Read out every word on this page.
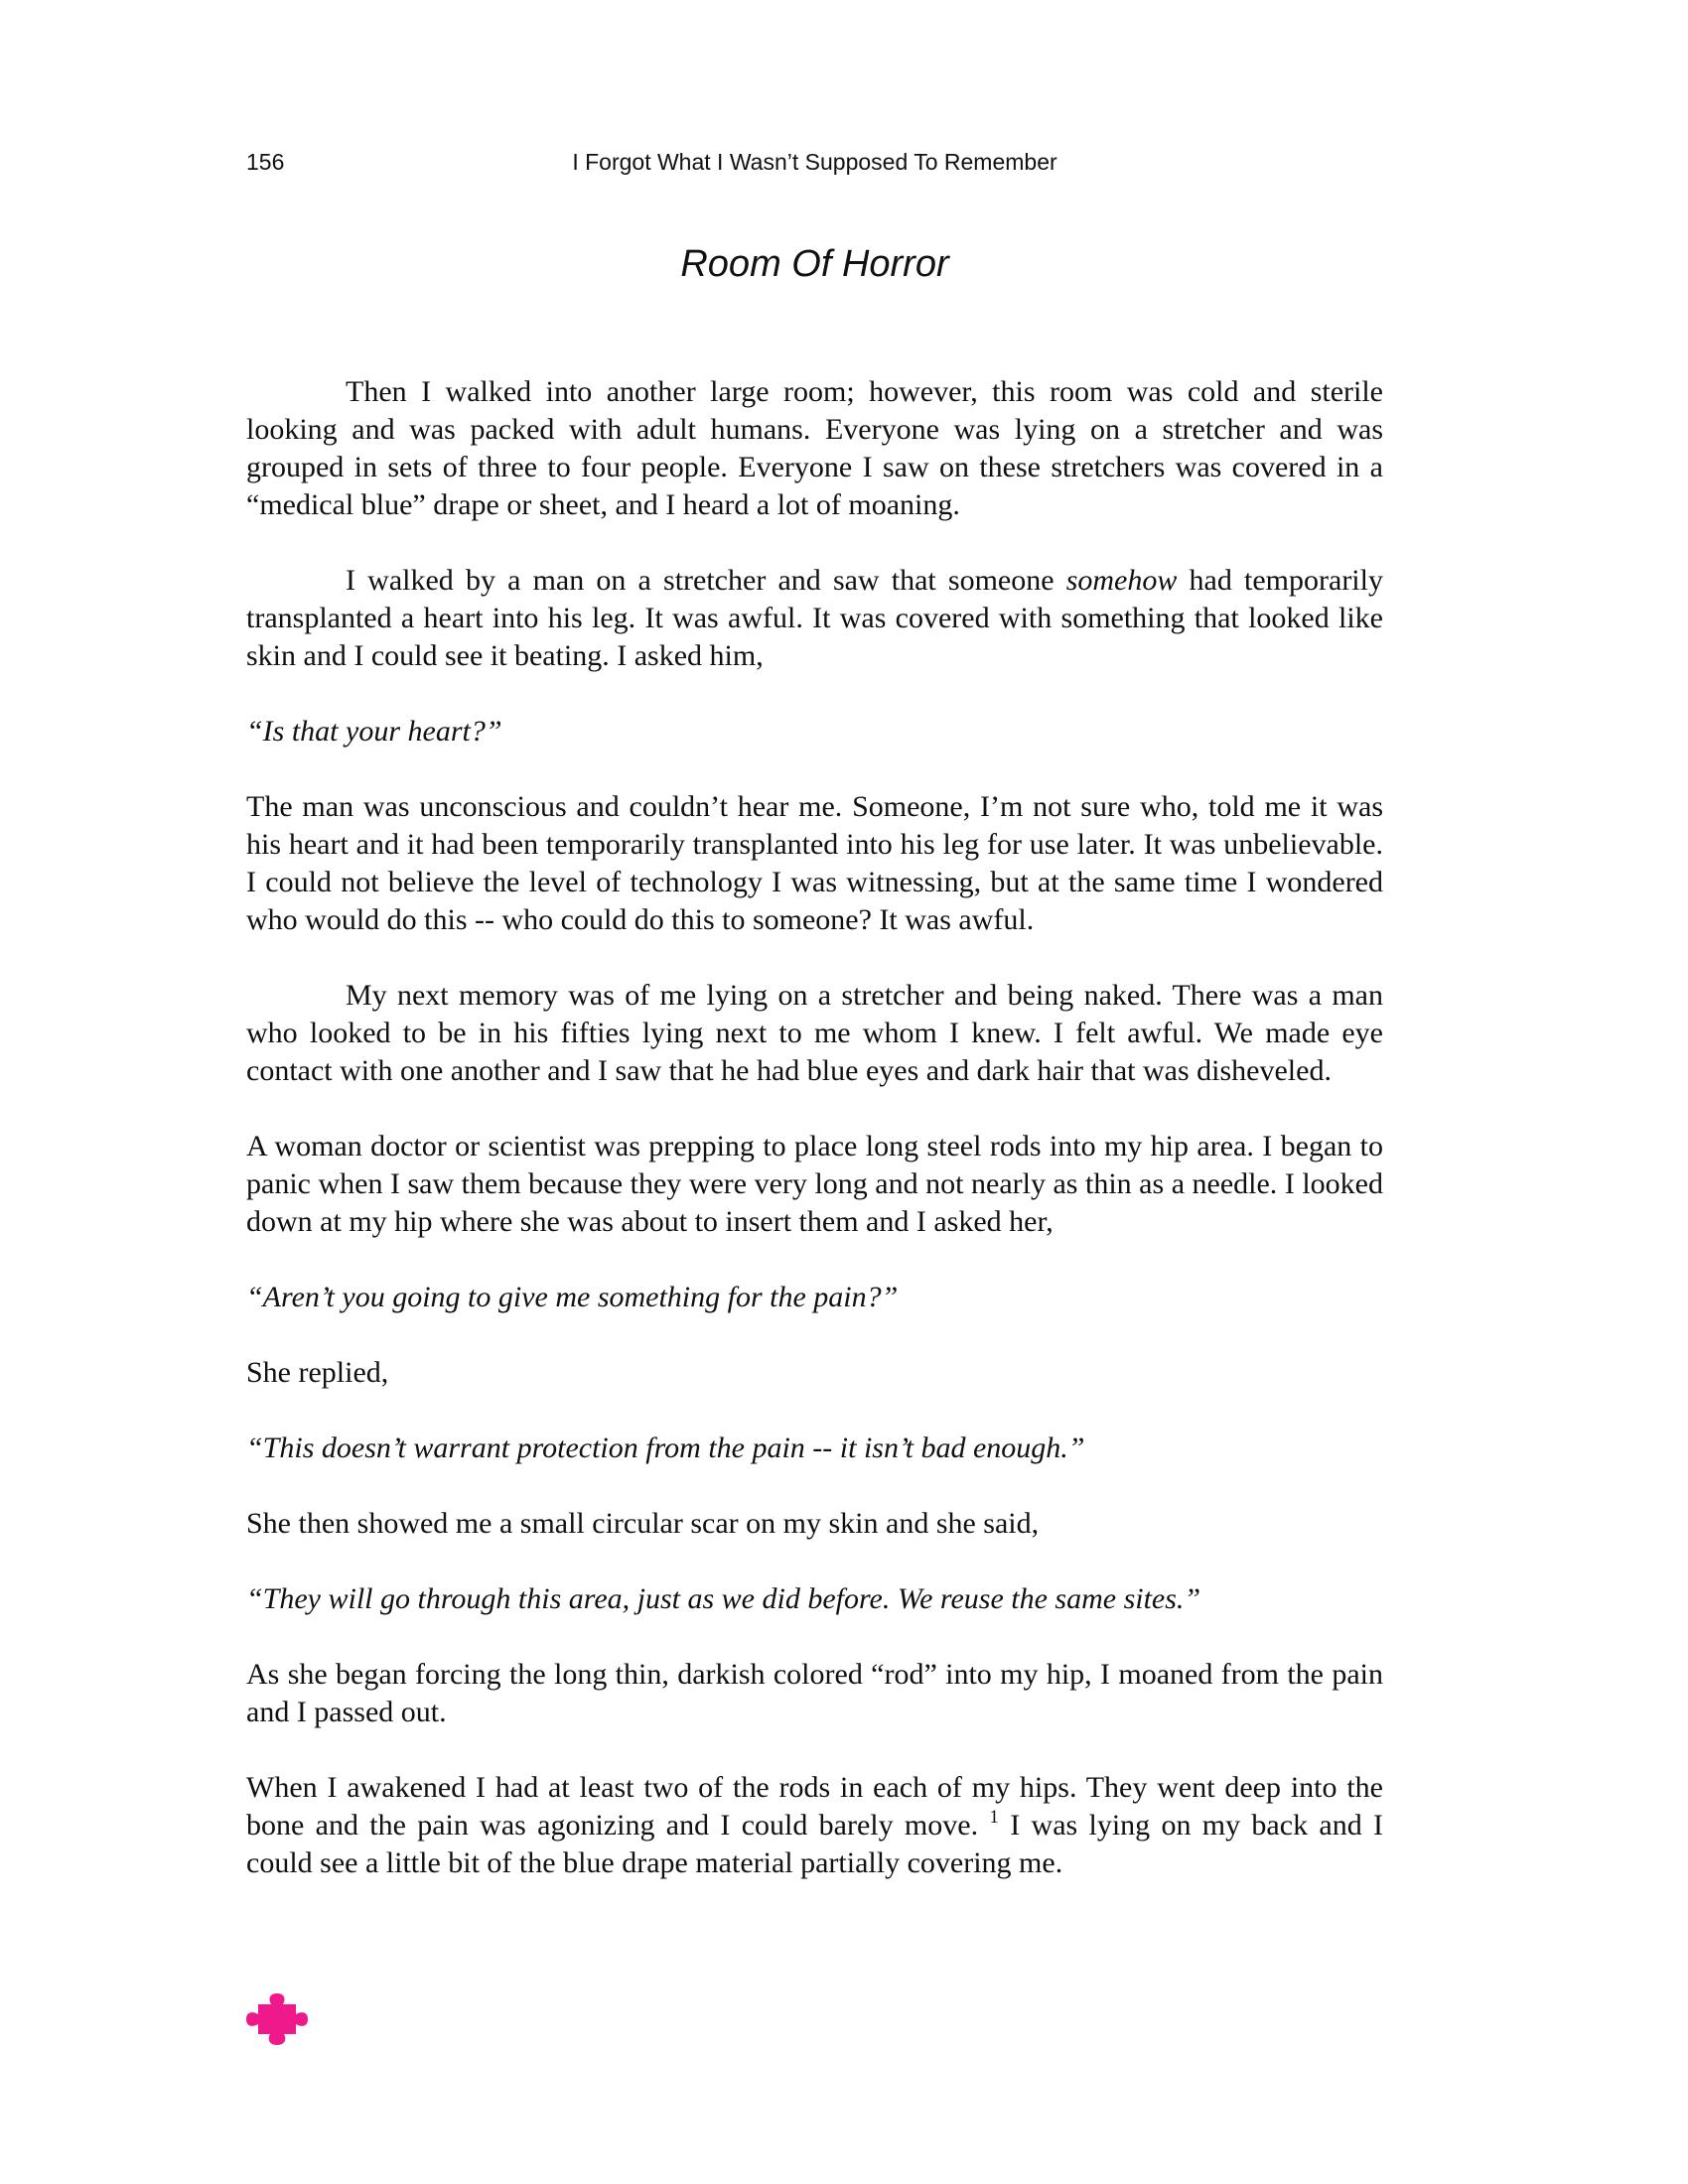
156	I Forgot What I Wasn’t Supposed To Remember
Room Of Horror

Then I walked into another large room; however, this room was cold and sterile looking and was packed with adult humans. Everyone was lying on a stretcher and was grouped in sets of three to four people. Everyone I saw on these stretchers was covered in a “medical blue” drape or sheet, and I heard a lot of moaning.

I walked by a man on a stretcher and saw that someone somehow had temporarily transplanted a heart into his leg. It was awful. It was covered with something that looked like skin and I could see it beating. I asked him,

“Is that your heart?”

The man was unconscious and couldn’t hear me. Someone, I’m not sure who, told me it was his heart and it had been temporarily transplanted into his leg for use later. It was unbelievable. I could not believe the level of technology I was witnessing, but at the same time I wondered who would do this -- who could do this to someone? It was awful.

My next memory was of me lying on a stretcher and being naked. There was a man who looked to be in his fifties lying next to me whom I knew. I felt awful. We made eye contact with one another and I saw that he had blue eyes and dark hair that was disheveled.

A woman doctor or scientist was prepping to place long steel rods into my hip area. I began to panic when I saw them because they were very long and not nearly as thin as a needle. I looked down at my hip where she was about to insert them and I asked her,

“Aren’t you going to give me something for the pain?”

She replied,

“This doesn’t warrant protection from the pain -- it isn’t bad enough.”

She then showed me a small circular scar on my skin and she said,

“They will go through this area, just as we did before. We reuse the same sites.”

As she began forcing the long thin, darkish colored “rod” into my hip, I moaned from the pain and I passed out.

When I awakened I had at least two of the rods in each of my hips. They went deep into the bone and the pain was agonizing and I could barely move. $^1$ I was lying on my back and I could see a little bit of the blue drape material partially covering me.
